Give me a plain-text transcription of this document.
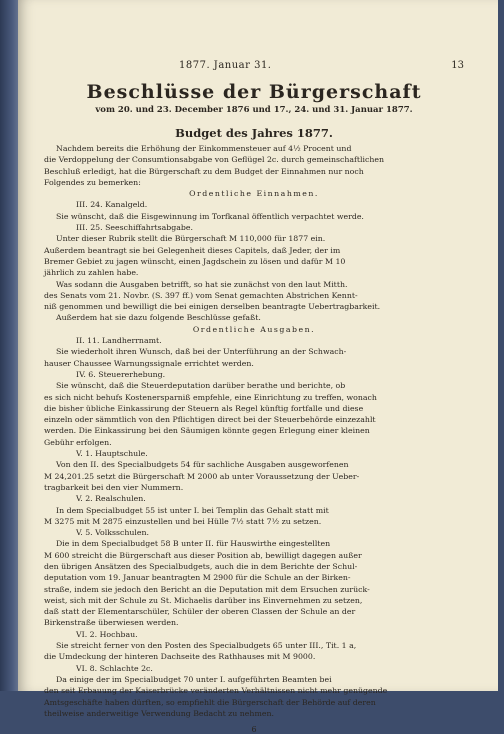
1877. Januar 31.	13
Beschlüsse der Bürgerschaft
vom 20. und 23. December 1876 und 17., 24. und 31. Januar 1877.
Budget des Jahres 1877.

Nachdem bereits die Erhöhung der Einkommensteuer auf 4½ Procent und

die Verdoppelung der Consumtionsabgabe von Geflügel 2c. durch gemeinschaftlichen

Beschluß erledigt, hat die Bürgerschaft zu dem Budget der Einnahmen nur noch

Folgendes zu bemerken:

Ordentliche Einnahmen.

III. 24. Kanalgeld.

Sie wünscht, daß die Eisgewinnung im Torfkanal öffentlich verpachtet werde.

III. 25. Seeschiffahrtsabgabe.

Unter dieser Rubrik stellt die Bürgerschaft M 110,000 für 1877 ein.

Außerdem beantragt sie bei Gelegenheit dieses Capitels, daß Jeder, der im

Bremer Gebiet zu jagen wünscht, einen Jagdschein zu lösen und dafür M 10

jährlich zu zahlen habe.

Was sodann die Ausgaben betrifft, so hat sie zunächst von den laut Mitth.

des Senats vom 21. Novbr. (S. 397 ff.) vom Senat gemachten Abstrichen Kennt-

niß genommen und bewilligt die bei einigen derselben beantragte Uebertragbarkeit.

Außerdem hat sie dazu folgende Beschlüsse gefaßt.

Ordentliche Ausgaben.

II. 11. Landherrnamt.

Sie wiederholt ihren Wunsch, daß bei der Unterführung an der Schwach-

hauser Chaussee Warnungssignale errichtet werden.

IV. 6. Steuererhebung.

Sie wünscht, daß die Steuerdeputation darüber berathe und berichte, ob

es sich nicht behufs Kostenersparniß empfehle, eine Einrichtung zu treffen, wonach

die bisher übliche Einkassirung der Steuern als Regel künftig fortfalle und diese

einzeln oder sämmtlich von den Pflichtigen direct bei der Steuerbehörde einzezahlt

werden. Die Einkassirung bei den Säumigen könnte gegen Erlegung einer kleinen

Gebühr erfolgen.

V. 1. Hauptschule.

Von den II. des Specialbudgets 54 für sachliche Ausgaben ausgeworfenen

M 24,201.25 setzt die Bürgerschaft M 2000 ab unter Voraussetzung der Ueber-

tragbarkeit bei den vier Nummern.

V. 2. Realschulen.

In dem Specialbudget 55 ist unter I. bei Templin das Gehalt statt mit

M 3275 mit M 2875 einzustellen und bei Hülle 7½ statt 7½ zu setzen.

V. 5. Volksschulen.

Die in dem Specialbudget 58 B unter II. für Hauswirthe eingestellten

M 600 streicht die Bürgerschaft aus dieser Position ab, bewilligt dagegen außer

den übrigen Ansätzen des Specialbudgets, auch die in dem Berichte der Schul-

deputation vom 19. Januar beantragten M 2900 für die Schule an der Birken-

straße, indem sie jedoch den Bericht an die Deputation mit dem Ersuchen zurück-

weist, sich mit der Schule zu St. Michaelis darüber ins Einvernehmen zu setzen,

daß statt der Elementarschüler, Schüler der oberen Classen der Schule an der

Birkenstraße überwiesen werden.

VI. 2. Hochbau.

Sie streicht ferner von den Posten des Specialbudgets 65 unter III., Tit. 1 a,

die Umdeckung der hinteren Dachseite des Rathhauses mit M 9000.

VI. 8. Schlachte 2c.

Da einige der im Specialbudget 70 unter I. aufgeführten Beamten bei

den seit Erbauung der Kaiserbrücke veränderten Verhältnissen nicht mehr genügende

Amtsgeschäfte haben dürften, so empfiehlt die Bürgerschaft der Behörde auf deren

theilweise anderweitige Verwendung Bedacht zu nehmen.

6
